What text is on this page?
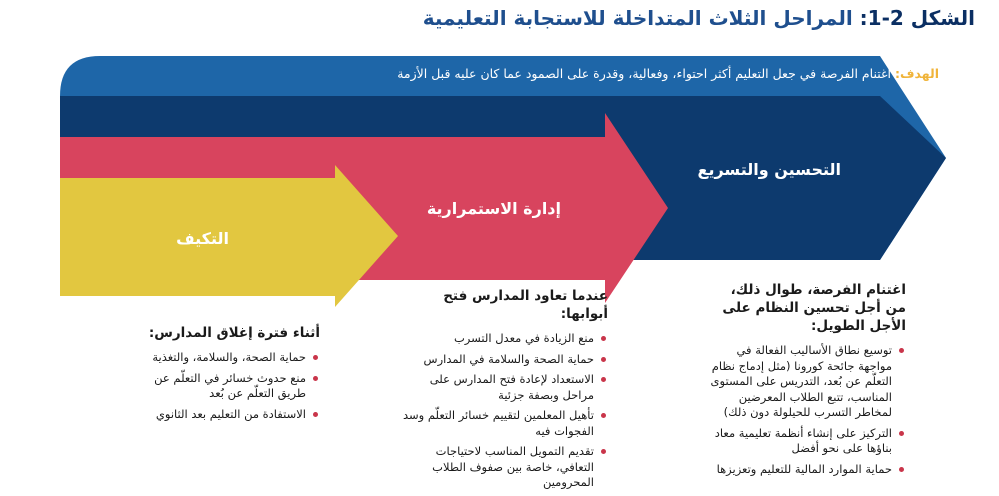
الشكل 2-1: المراحل الثلاث المتداخلة للاستجابة التعليمية
الهدف: اغتنام الفرصة في جعل التعليم أكثر احتواء، وفعالية، وقدرة على الصمود عما كان عليه قبل الأزمة
التكيف
إدارة الاستمرارية
التحسين والتسريع
أثناء فترة إغلاق المدارس:
حماية الصحة، والسلامة، والتغذية
منع حدوث خسائر في التعلّم عن طريق التعلّم عن بُعد
الاستفادة من التعليم بعد الثانوي
عندما تعاود المدارس فتح أبوابها:
منع الزيادة في معدل التسرب
حماية الصحة والسلامة في المدارس
الاستعداد لإعادة فتح المدارس على مراحل وبصفة جزئية
تأهيل المعلمين لتقييم خسائر التعلّم وسد الفجوات فيه
تقديم التمويل المناسب لاحتياجات التعافي، خاصة بين صفوف الطلاب المحرومين
اغتنام الفرصة، طوال ذلك، من أجل تحسين النظام على الأجل الطويل:
توسيع نطاق الأساليب الفعالة في مواجهة جائحة كورونا (مثل إدماج نظام التعلّم عن بُعد، التدريس على المستوى المناسب، تتبع الطلاب المعرضين لمخاطر التسرب للحيلولة دون ذلك)
التركيز على إنشاء أنظمة تعليمية معاد بناؤها على نحو أفضل
حماية الموارد المالية للتعليم وتعزيزها
